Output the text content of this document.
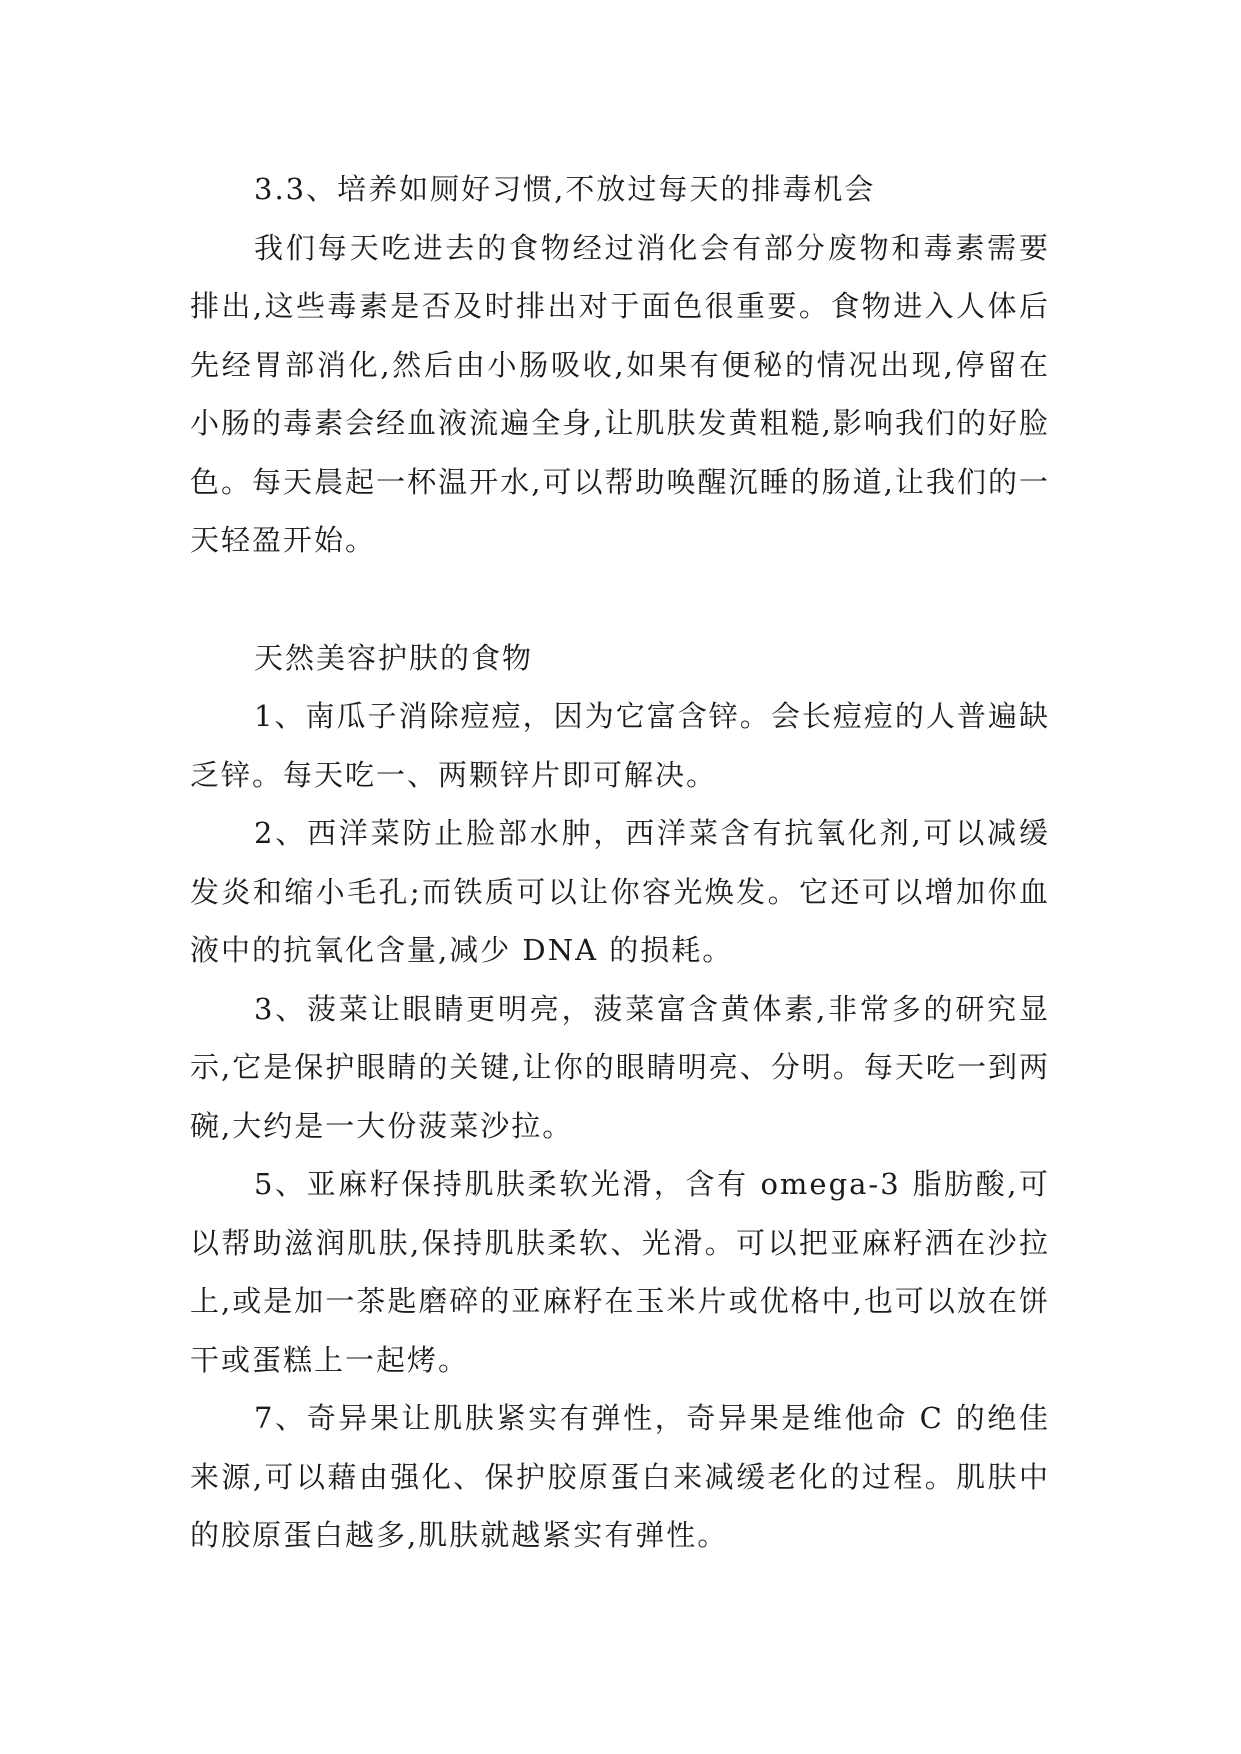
3.3、培养如厕好习惯,不放过每天的排毒机会

我们每天吃进去的食物经过消化会有部分废物和毒素需要排出,这些毒素是否及时排出对于面色很重要。食物进入人体后先经胃部消化,然后由小肠吸收,如果有便秘的情况出现,停留在小肠的毒素会经血液流遍全身,让肌肤发黄粗糙,影响我们的好脸色。每天晨起一杯温开水,可以帮助唤醒沉睡的肠道,让我们的一天轻盈开始。

天然美容护肤的食物

1、南瓜子消除痘痘，因为它富含锌。会长痘痘的人普遍缺乏锌。每天吃一、两颗锌片即可解决。

2、西洋菜防止脸部水肿，西洋菜含有抗氧化剂,可以减缓发炎和缩小毛孔;而铁质可以让你容光焕发。它还可以增加你血液中的抗氧化含量,减少 DNA 的损耗。

3、菠菜让眼睛更明亮，菠菜富含黄体素,非常多的研究显示,它是保护眼睛的关键,让你的眼睛明亮、分明。每天吃一到两碗,大约是一大份菠菜沙拉。

5、亚麻籽保持肌肤柔软光滑，含有 omega-3 脂肪酸,可以帮助滋润肌肤,保持肌肤柔软、光滑。可以把亚麻籽洒在沙拉上,或是加一茶匙磨碎的亚麻籽在玉米片或优格中,也可以放在饼干或蛋糕上一起烤。

7、奇异果让肌肤紧实有弹性，奇异果是维他命 C 的绝佳来源,可以藉由强化、保护胶原蛋白来减缓老化的过程。肌肤中的胶原蛋白越多,肌肤就越紧实有弹性。
